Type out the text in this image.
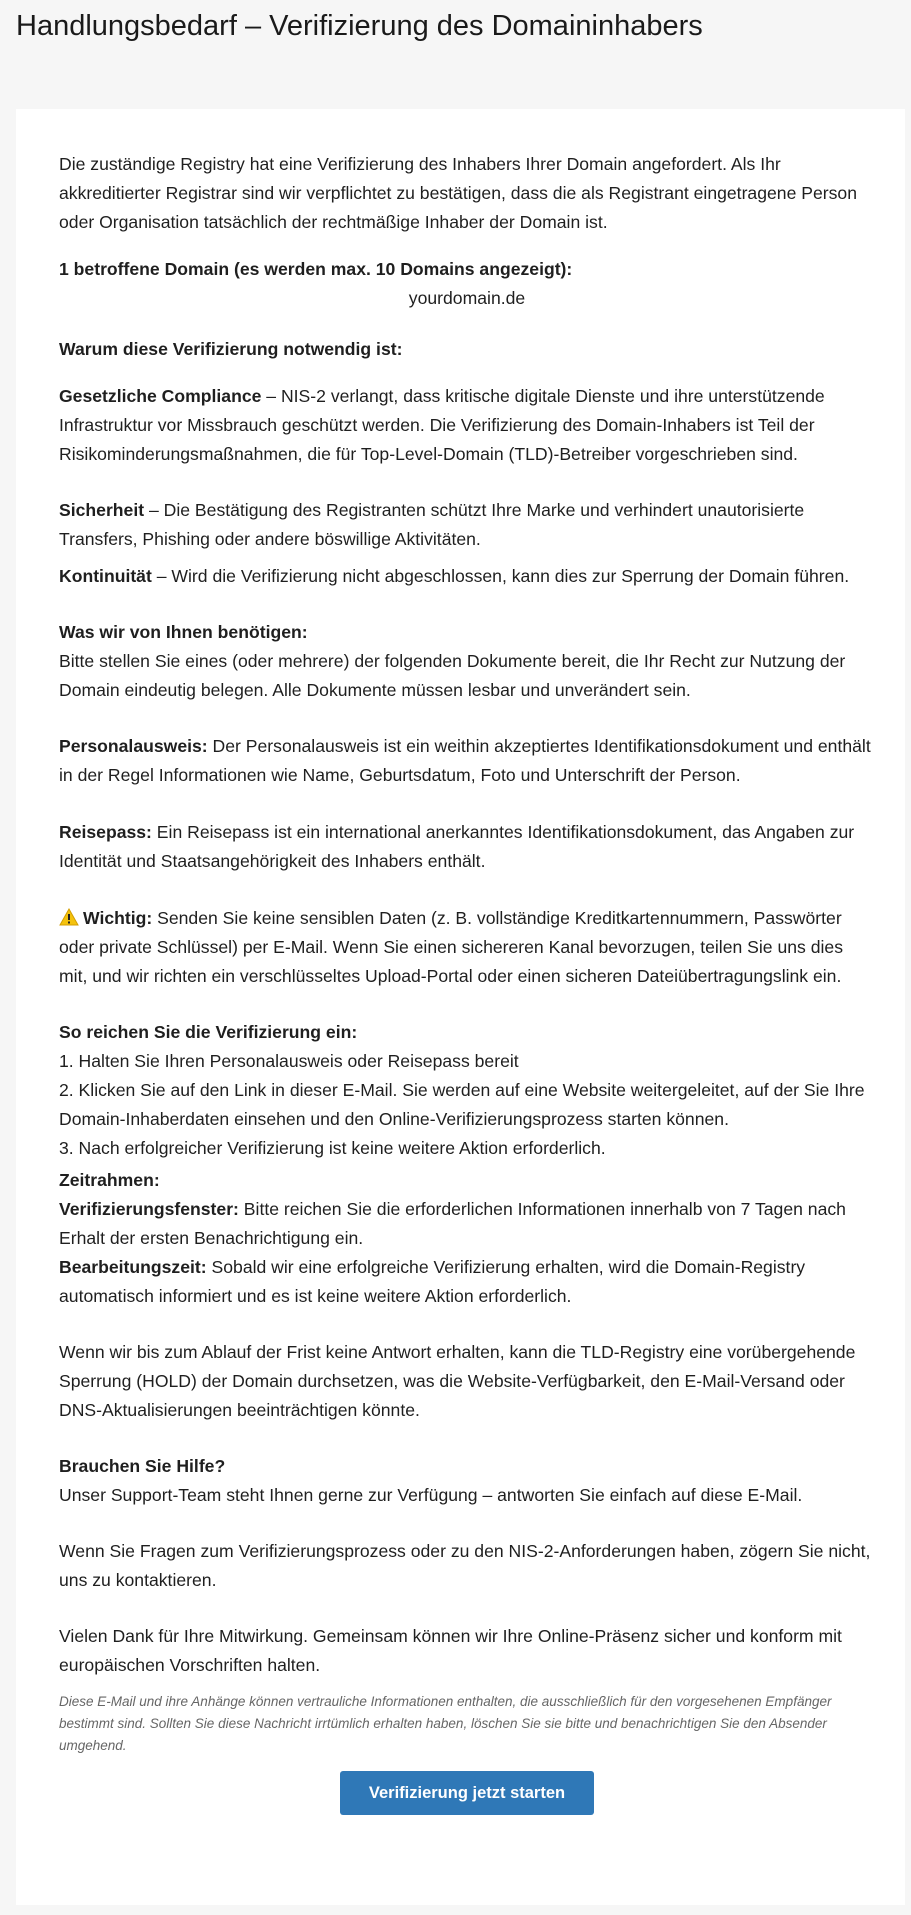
Handlungsbedarf – Verifizierung des Domaininhabers

Die zuständige Registry hat eine Verifizierung des Inhabers Ihrer Domain angefordert. Als Ihr akkreditierter Registrar sind wir verpflichtet zu bestätigen, dass die als Registrant eingetragene Person oder Organisation tatsächlich der rechtmäßige Inhaber der Domain ist.

1 betroffene Domain (es werden max. 10 Domains angezeigt):

yourdomain.de

Warum diese Verifizierung notwendig ist:

Gesetzliche Compliance – NIS-2 verlangt, dass kritische digitale Dienste und ihre unterstützende Infrastruktur vor Missbrauch geschützt werden. Die Verifizierung des Domain-Inhabers ist Teil der Risikominderungsmaßnahmen, die für Top-Level-Domain (TLD)-Betreiber vorgeschrieben sind.

Sicherheit – Die Bestätigung des Registranten schützt Ihre Marke und verhindert unautorisierte Transfers, Phishing oder andere böswillige Aktivitäten.

Kontinuität – Wird die Verifizierung nicht abgeschlossen, kann dies zur Sperrung der Domain führen.

Was wir von Ihnen benötigen:

Bitte stellen Sie eines (oder mehrere) der folgenden Dokumente bereit, die Ihr Recht zur Nutzung der Domain eindeutig belegen. Alle Dokumente müssen lesbar und unverändert sein.

Personalausweis: Der Personalausweis ist ein weithin akzeptiertes Identifikationsdokument und enthält in der Regel Informationen wie Name, Geburtsdatum, Foto und Unterschrift der Person.

Reisepass: Ein Reisepass ist ein international anerkanntes Identifikationsdokument, das Angaben zur Identität und Staatsangehörigkeit des Inhabers enthält.

Wichtig: Senden Sie keine sensiblen Daten (z. B. vollständige Kreditkartennummern, Passwörter oder private Schlüssel) per E-Mail. Wenn Sie einen sichereren Kanal bevorzugen, teilen Sie uns dies mit, und wir richten ein verschlüsseltes Upload-Portal oder einen sicheren Dateiübertragungslink ein.

So reichen Sie die Verifizierung ein:

1. Halten Sie Ihren Personalausweis oder Reisepass bereit
2. Klicken Sie auf den Link in dieser E-Mail. Sie werden auf eine Website weitergeleitet, auf der Sie Ihre Domain-Inhaberdaten einsehen und den Online-Verifizierungsprozess starten können.
3. Nach erfolgreicher Verifizierung ist keine weitere Aktion erforderlich.

Zeitrahmen:

Verifizierungsfenster: Bitte reichen Sie die erforderlichen Informationen innerhalb von 7 Tagen nach Erhalt der ersten Benachrichtigung ein.

Bearbeitungszeit: Sobald wir eine erfolgreiche Verifizierung erhalten, wird die Domain-Registry automatisch informiert und es ist keine weitere Aktion erforderlich.

Wenn wir bis zum Ablauf der Frist keine Antwort erhalten, kann die TLD-Registry eine vorübergehende Sperrung (HOLD) der Domain durchsetzen, was die Website-Verfügbarkeit, den E-Mail-Versand oder DNS-Aktualisierungen beeinträchtigen könnte.

Brauchen Sie Hilfe?

Unser Support-Team steht Ihnen gerne zur Verfügung – antworten Sie einfach auf diese E-Mail.

Wenn Sie Fragen zum Verifizierungsprozess oder zu den NIS-2-Anforderungen haben, zögern Sie nicht, uns zu kontaktieren.

Vielen Dank für Ihre Mitwirkung. Gemeinsam können wir Ihre Online-Präsenz sicher und konform mit europäischen Vorschriften halten.

Diese E-Mail und ihre Anhänge können vertrauliche Informationen enthalten, die ausschließlich für den vorgesehenen Empfänger bestimmt sind. Sollten Sie diese Nachricht irrtümlich erhalten haben, löschen Sie sie bitte und benachrichtigen Sie den Absender umgehend.

Verifizierung jetzt starten
